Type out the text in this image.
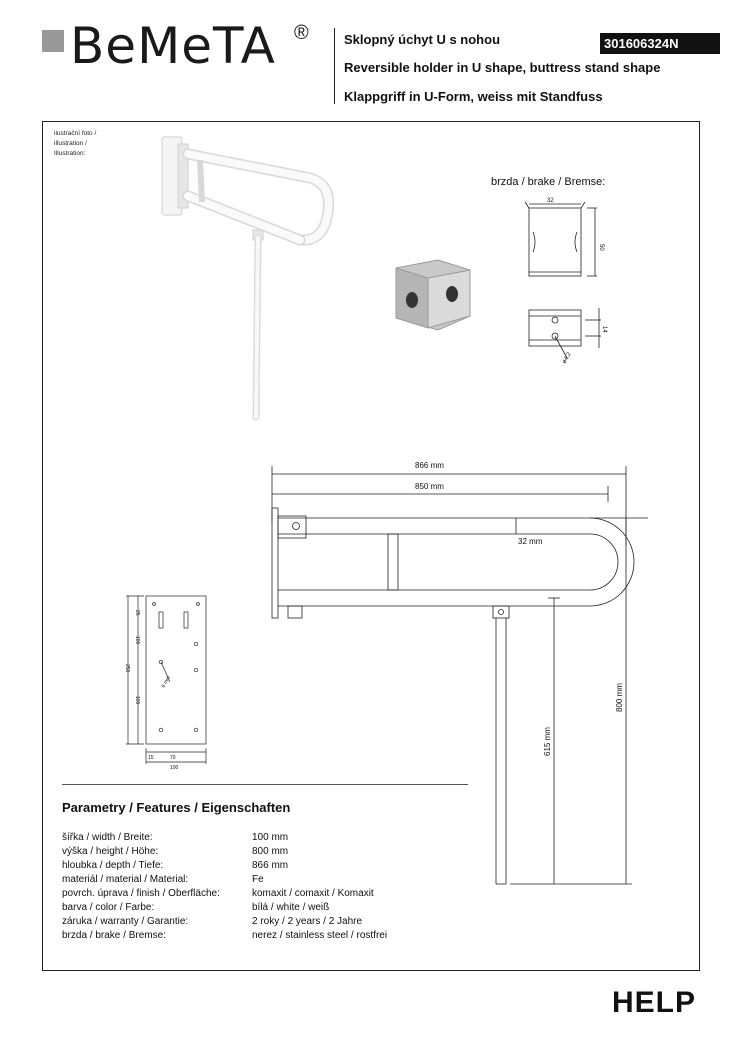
BeMeTA ®	Sklopný úchyt U s nohou
Reversible holder in U shape, buttress stand shape
Klappgriff in U-Form, weiss mit Standfuss
301606324N
ilustrační foto /
illustration /
Illustration:
brzda / brake / Bremse:
32
50
14
ø4,2
866 mm
850 mm
32 mm
800 mm
615 mm
25
100
250
100
15	70
100
6 mm
Parametry / Features / Eigenschaften
šířka / width / Breite:	100 mm
výška / height / Höhe:	800 mm
hloubka / depth / Tiefe:	866 mm
materiál / material / Material:	Fe
povrch. úprava / finish / Oberfläche:	komaxit / comaxit / Komaxit
barva / color / Farbe:	bílá / white / weiß
záruka / warranty / Garantie:	2 roky / 2 years / 2 Jahre
brzda / brake / Bremse:	nerez / stainless steel / rostfrei
HELP
